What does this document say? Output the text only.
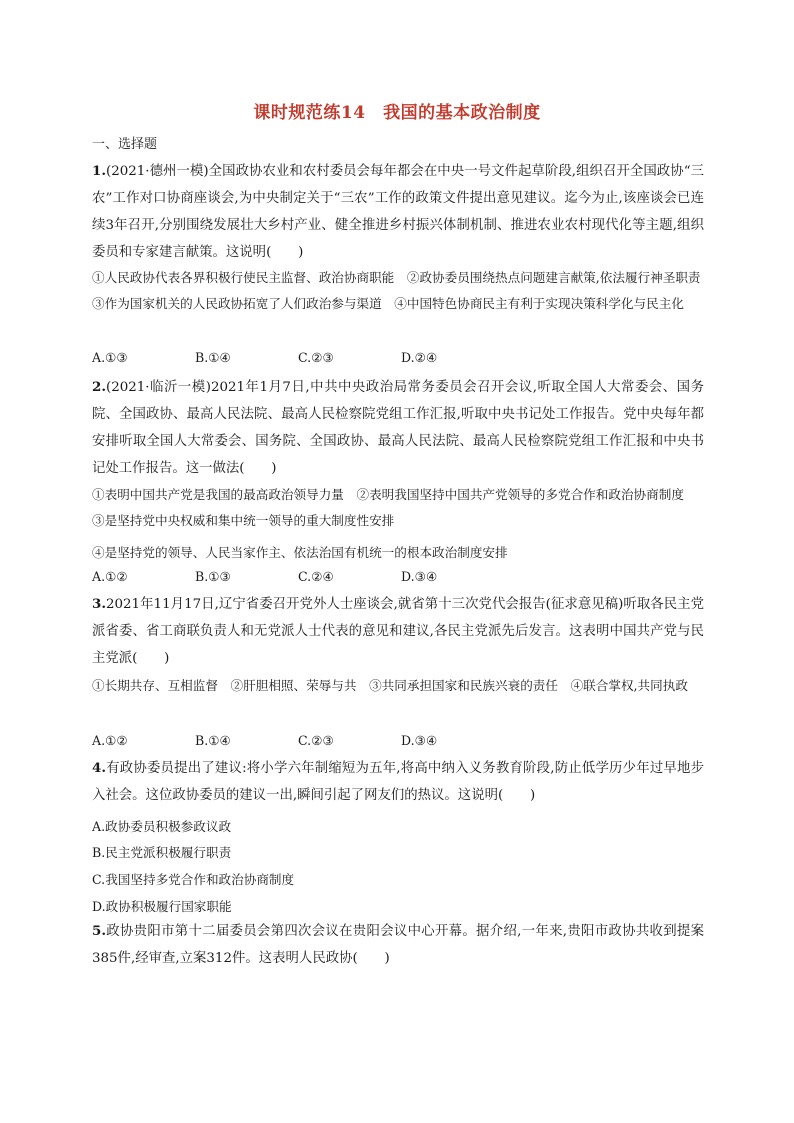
课时规范练14　我国的基本政治制度
一、选择题
1.(2021·德州一模)全国政协农业和农村委员会每年都会在中央一号文件起草阶段,组织召开全国政协“三农”工作对口协商座谈会,为中央制定关于“三农”工作的政策文件提出意见建议。迄今为止,该座谈会已连续3年召开,分别围绕发展壮大乡村产业、健全推进乡村振兴体制机制、推进农业农村现代化等主题,组织委员和专家建言献策。这说明(　　)
①人民政协代表各界积极行使民主监督、政治协商职能　②政协委员围绕热点问题建言献策,依法履行神圣职责　③作为国家机关的人民政协拓宽了人们政治参与渠道　④中国特色协商民主有利于实现决策科学化与民主化
A.①③	B.①④	C.②③	D.②④
2.(2021·临沂一模)2021年1月7日,中共中央政治局常务委员会召开会议,听取全国人大常委会、国务院、全国政协、最高人民法院、最高人民检察院党组工作汇报,听取中央书记处工作报告。党中央每年都安排听取全国人大常委会、国务院、全国政协、最高人民法院、最高人民检察院党组工作汇报和中央书记处工作报告。这一做法(　　)
①表明中国共产党是我国的最高政治领导力量　②表明我国坚持中国共产党领导的多党合作和政治协商制度　③是坚持党中央权威和集中统一领导的重大制度性安排
④是坚持党的领导、人民当家作主、依法治国有机统一的根本政治制度安排
A.①②	B.①③	C.②④	D.③④
3.2021年11月17日,辽宁省委召开党外人士座谈会,就省第十三次党代会报告(征求意见稿)听取各民主党派省委、省工商联负责人和无党派人士代表的意见和建议,各民主党派先后发言。这表明中国共产党与民主党派(　　)
①长期共存、互相监督　②肝胆相照、荣辱与共　③共同承担国家和民族兴衰的责任　④联合掌权,共同执政
A.①②	B.①④	C.②③	D.③④
4.有政协委员提出了建议:将小学六年制缩短为五年,将高中纳入义务教育阶段,防止低学历少年过早地步入社会。这位政协委员的建议一出,瞬间引起了网友们的热议。这说明(　　)
A.政协委员积极参政议政
B.民主党派积极履行职责
C.我国坚持多党合作和政治协商制度
D.政协积极履行国家职能
5.政协贵阳市第十二届委员会第四次会议在贵阳会议中心开幕。据介绍,一年来,贵阳市政协共收到提案385件,经审查,立案312件。这表明人民政协(　　)
